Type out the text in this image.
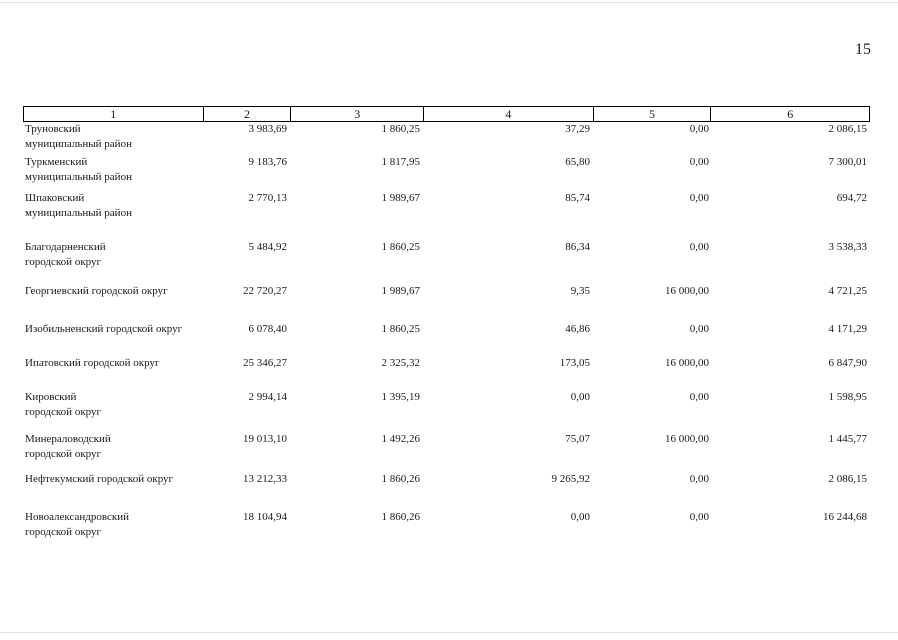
15
1	2	3	4	5	6
Труновский
муниципальный район
3 983,69	1 860,25	37,29	0,00	2 086,15
Туркменский
муниципальный район
9 183,76	1 817,95	65,80	0,00	7 300,01
Шпаковский
муниципальный район
2 770,13	1 989,67	85,74	0,00	694,72
Благодарненский
городской округ
5 484,92	1 860,25	86,34	0,00	3 538,33
Георгиевский городской округ	22 720,27	1 989,67	9,35	16 000,00	4 721,25
Изобильненский городской округ	6 078,40	1 860,25	46,86	0,00	4 171,29
Ипатовский городской округ	25 346,27	2 325,32	173,05	16 000,00	6 847,90
Кировский
городской округ
2 994,14	1 395,19	0,00	0,00	1 598,95
Минераловодский
городской округ
19 013,10	1 492,26	75,07	16 000,00	1 445,77
Нефтекумский городской округ	13 212,33	1 860,26	9 265,92	0,00	2 086,15
Новоалександровский
городской округ
18 104,94	1 860,26	0,00	0,00	16 244,68
